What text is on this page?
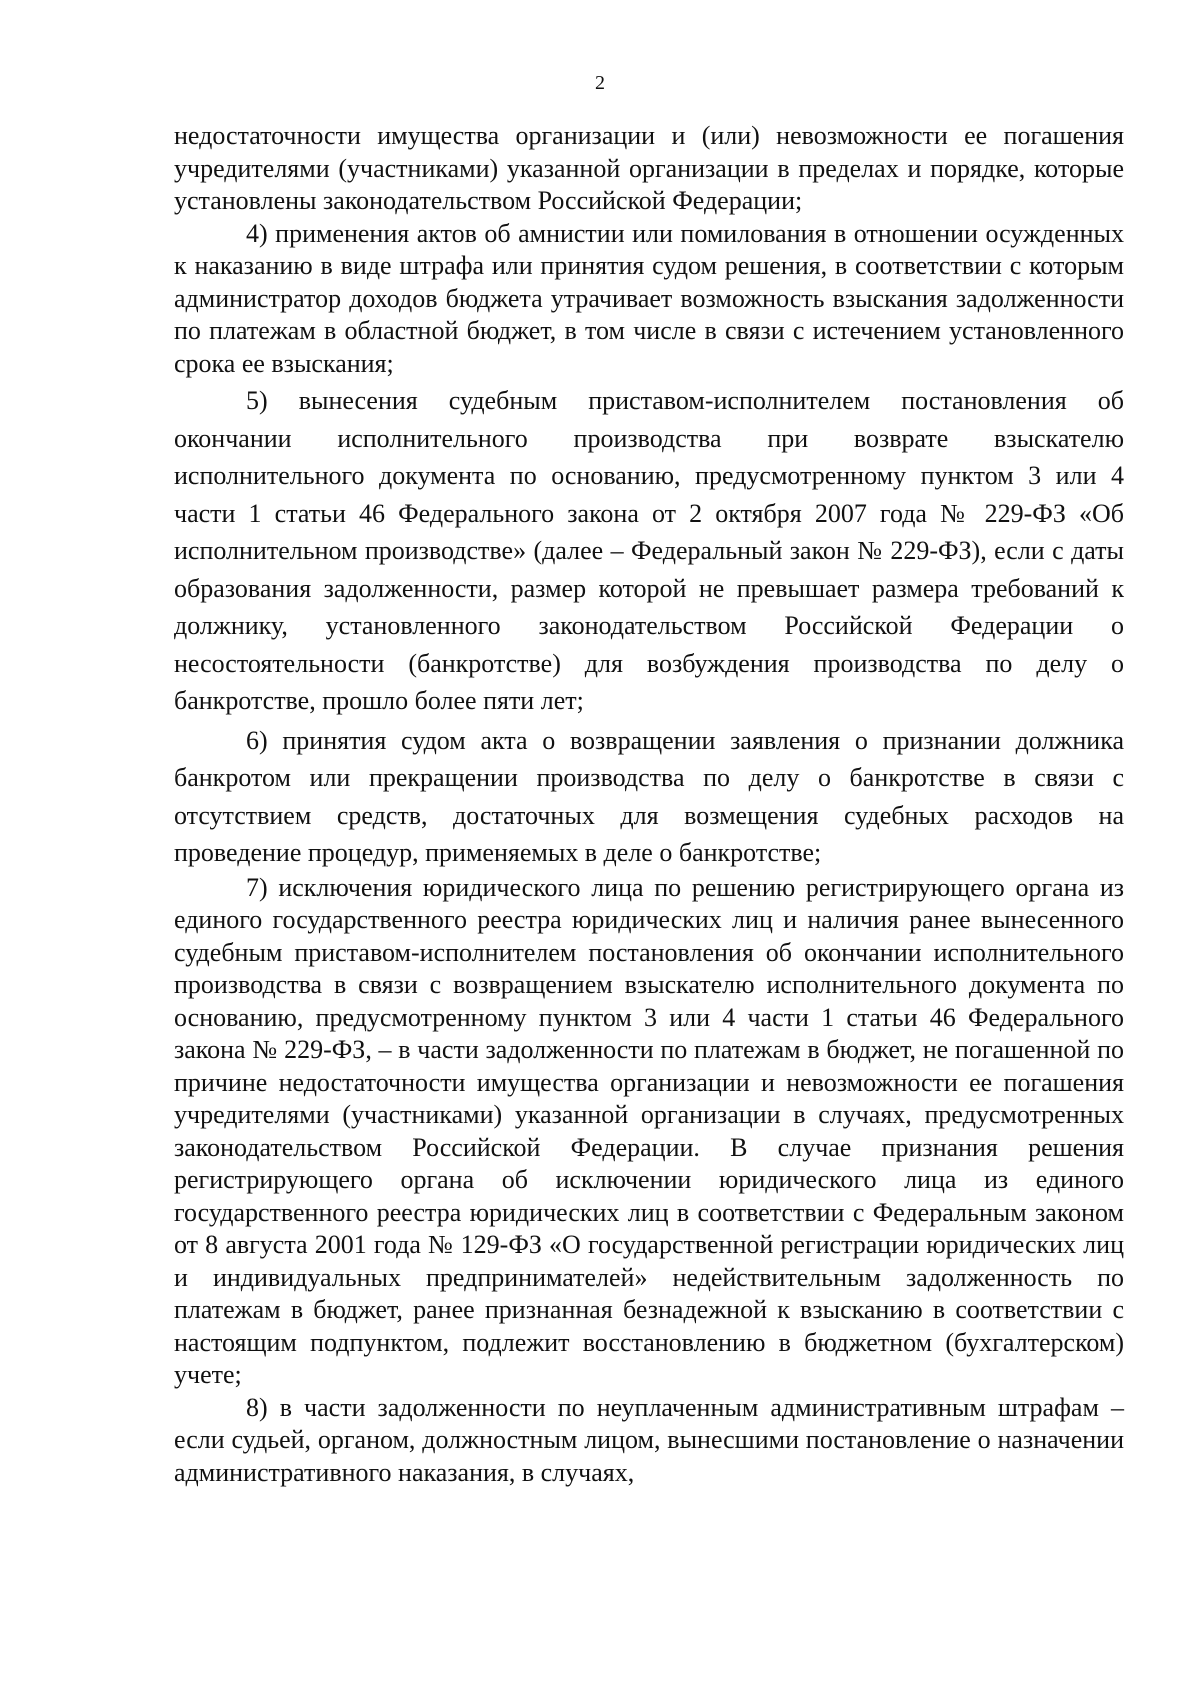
2

недостаточности имущества организации и (или) невозможности ее погашения учредителями (участниками) указанной организации в пределах и порядке, которые установлены законодательством Российской Федерации;

4) применения актов об амнистии или помилования в отношении осужденных к наказанию в виде штрафа или принятия судом решения, в соответствии с которым администратор доходов бюджета утрачивает возможность взыскания задолженности по платежам в областной бюджет, в том числе в связи с истечением установленного срока ее взыскания;

5) вынесения судебным приставом-исполнителем постановления об окончании исполнительного производства при возврате взыскателю исполнительного документа по основанию, предусмотренному пунктом 3 или 4 части 1 статьи 46 Федерального закона от 2 октября 2007 года № 229-ФЗ «Об исполнительном производстве» (далее – Федеральный закон № 229-ФЗ), если с даты образования задолженности, размер которой не превышает размера требований к должнику, установленного законодательством Российской Федерации о несостоятельности (банкротстве) для возбуждения производства по делу о банкротстве, прошло более пяти лет;

6) принятия судом акта о возвращении заявления о признании должника банкротом или прекращении производства по делу о банкротстве в связи с отсутствием средств, достаточных для возмещения судебных расходов на проведение процедур, применяемых в деле о банкротстве;

7) исключения юридического лица по решению регистрирующего органа из единого государственного реестра юридических лиц и наличия ранее вынесенного судебным приставом-исполнителем постановления об окончании исполнительного производства в связи с возвращением взыскателю исполнительного документа по основанию, предусмотренному пунктом 3 или 4 части 1 статьи 46 Федерального закона № 229-ФЗ, – в части задолженности по платежам в бюджет, не погашенной по причине недостаточности имущества организации и невозможности ее погашения учредителями (участниками) указанной организации в случаях, предусмотренных законодательством Российской Федерации. В случае признания решения регистрирующего органа об исключении юридического лица из единого государственного реестра юридических лиц в соответствии с Федеральным законом от 8 августа 2001 года № 129-ФЗ «О государственной регистрации юридических лиц и индивидуальных предпринимателей» недействительным задолженность по платежам в бюджет, ранее признанная безнадежной к взысканию в соответствии с настоящим подпунктом, подлежит восстановлению в бюджетном (бухгалтерском) учете;

8) в части задолженности по неуплаченным административным штрафам – если судьей, органом, должностным лицом, вынесшими постановление о назначении административного наказания, в случаях,
